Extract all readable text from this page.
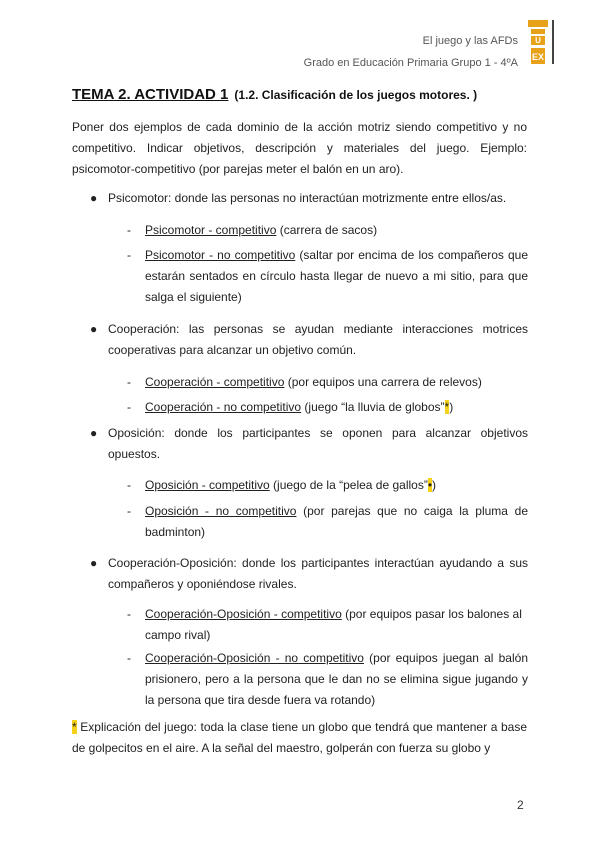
El juego y las AFDs
Grado en Educación Primaria Grupo 1 - 4ºA
U
EX
TEMA 2. ACTIVIDAD 1 (1.2. Clasificación de los juegos motores. )
Poner dos ejemplos de cada dominio de la acción motriz siendo competitivo y no competitivo. Indicar objetivos, descripción y materiales del juego. Ejemplo: psicomotor-competitivo (por parejas meter el balón en un aro).
● Psicomotor: donde las personas no interactúan motrizmente entre ellos/as.
- Psicomotor - competitivo (carrera de sacos)
- Psicomotor - no competitivo (saltar por encima de los compañeros que estarán sentados en círculo hasta llegar de nuevo a mi sitio, para que salga el siguiente)
● Cooperación: las personas se ayudan mediante interacciones motrices cooperativas para alcanzar un objetivo común.
- Cooperación - competitivo (por equipos una carrera de relevos)
- Cooperación - no competitivo (juego “la lluvia de globos”*)
● Oposición: donde los participantes se oponen para alcanzar objetivos opuestos.
- Oposición - competitivo (juego de la “pelea de gallos”•)
- Oposición - no competitivo (por parejas que no caiga la pluma de badminton)
● Cooperación-Oposición: donde los participantes interactúan ayudando a sus compañeros y oponiéndose rivales.
- Cooperación-Oposición - competitivo (por equipos pasar los balones al campo rival)
- Cooperación-Oposición - no competitivo (por equipos juegan al balón prisionero, pero a la persona que le dan no se elimina sigue jugando y la persona que tira desde fuera va rotando)
* Explicación del juego: toda la clase tiene un globo que tendrá que mantener a base de golpecitos en el aire. A la señal del maestro, golperán con fuerza su globo y
2
